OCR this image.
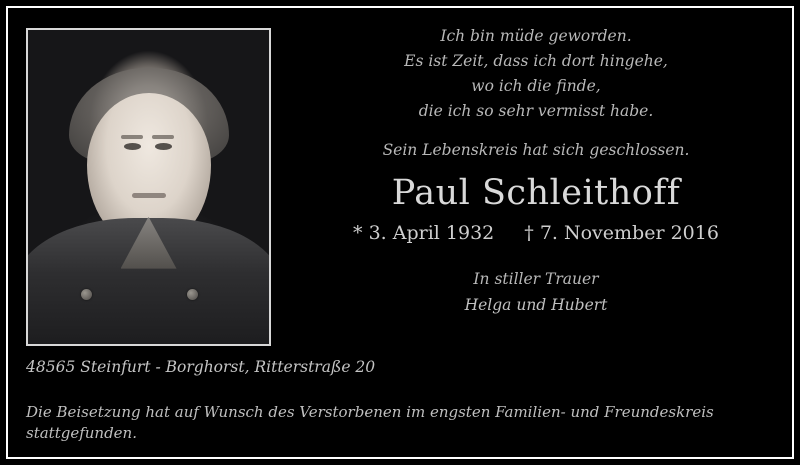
Ich bin müde geworden.
Es ist Zeit, dass ich dort hingehe,
wo ich die finde,
die ich so sehr vermisst habe.
Sein Lebenskreis hat sich geschlossen.
Paul Schleithoff
* 3. April 1932 † 7. November 2016
In stiller Trauer
Helga und Hubert
48565 Steinfurt - Borghorst, Ritterstraße 20
Die Beisetzung hat auf Wunsch des Verstorbenen im engsten Familien- und Freundeskreis stattgefunden.
